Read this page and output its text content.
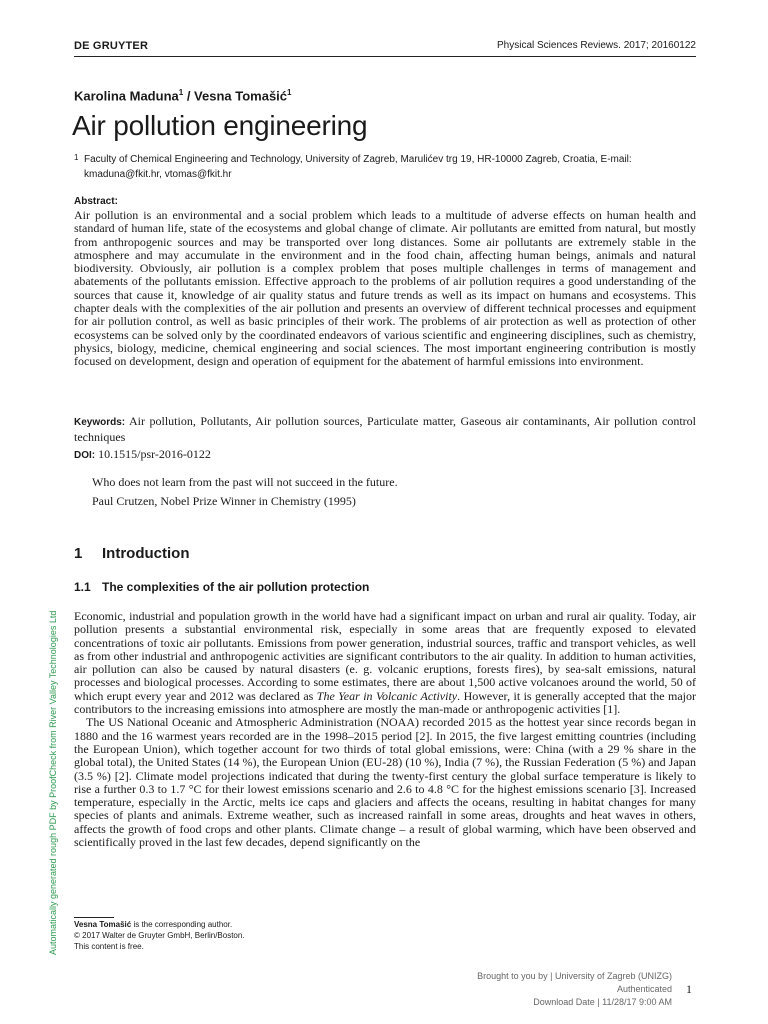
DE GRUYTER	Physical Sciences Reviews. 2017; 20160122
Karolina Maduna$^1$ / Vesna Tomašić$^1$
Air pollution engineering
1 Faculty of Chemical Engineering and Technology, University of Zagreb, Marulićev trg 19, HR-10000 Zagreb, Croatia, E-mail: kmaduna@fkit.hr, vtomas@fkit.hr
Abstract:
Air pollution is an environmental and a social problem which leads to a multitude of adverse effects on human health and standard of human life, state of the ecosystems and global change of climate. Air pollutants are emitted from natural, but mostly from anthropogenic sources and may be transported over long distances. Some air pollutants are extremely stable in the atmosphere and may accumulate in the environment and in the food chain, affecting human beings, animals and natural biodiversity. Obviously, air pollution is a complex problem that poses multiple challenges in terms of management and abatements of the pollutants emission. Effective approach to the problems of air pollution requires a good understanding of the sources that cause it, knowledge of air quality status and future trends as well as its impact on humans and ecosystems. This chapter deals with the complexities of the air pollution and presents an overview of different technical processes and equipment for air pollution control, as well as basic principles of their work. The problems of air protection as well as protection of other ecosystems can be solved only by the coordinated endeavors of various scientific and engineering disciplines, such as chemistry, physics, biology, medicine, chemical engineering and social sciences. The most important engineering contribution is mostly focused on development, design and operation of equipment for the abatement of harmful emissions into environment.
Keywords: Air pollution, Pollutants, Air pollution sources, Particulate matter, Gaseous air contaminants, Air pollution control techniques
DOI: 10.1515/psr-2016-0122
Who does not learn from the past will not succeed in the future.
Paul Crutzen, Nobel Prize Winner in Chemistry (1995)
1 Introduction
1.1 The complexities of the air pollution protection

Economic, industrial and population growth in the world have had a significant impact on urban and rural air quality. Today, air pollution presents a substantial environmental risk, especially in some areas that are frequently exposed to elevated concentrations of toxic air pollutants. Emissions from power generation, industrial sources, traffic and transport vehicles, as well as from other industrial and anthropogenic activities are significant contributors to the air quality. In addition to human activities, air pollution can also be caused by natural disasters (e. g. volcanic eruptions, forests fires), by sea-salt emissions, natural processes and biological processes. According to some estimates, there are about 1,500 active volcanoes around the world, 50 of which erupt every year and 2012 was declared as The Year in Volcanic Activity. However, it is generally accepted that the major contributors to the increasing emissions into atmosphere are mostly the man-made or anthropogenic activities [1].

The US National Oceanic and Atmospheric Administration (NOAA) recorded 2015 as the hottest year since records began in 1880 and the 16 warmest years recorded are in the 1998–2015 period [2]. In 2015, the five largest emitting countries (including the European Union), which together account for two thirds of total global emissions, were: China (with a 29 % share in the global total), the United States (14 %), the European Union (EU-28) (10 %), India (7 %), the Russian Federation (5 %) and Japan (3.5 %) [2]. Climate model projections indicated that during the twenty-first century the global surface temperature is likely to rise a further 0.3 to 1.7 °C for their lowest emissions scenario and 2.6 to 4.8 °C for the highest emissions scenario [3]. Increased temperature, especially in the Arctic, melts ice caps and glaciers and affects the oceans, resulting in habitat changes for many species of plants and animals. Extreme weather, such as increased rainfall in some areas, droughts and heat waves in others, affects the growth of food crops and other plants. Climate change – a result of global warming, which have been observed and scientifically proved in the last few decades, depend significantly on the

Vesna Tomašić is the corresponding author.
© 2017 Walter de Gruyter GmbH, Berlin/Boston.
This content is free.
Brought to you by | University of Zagreb (UNIZG)
Authenticated
Download Date | 11/28/17 9:00 AM
1
Automatically generated rough PDF by ProofCheck from River Valley Technologies Ltd
